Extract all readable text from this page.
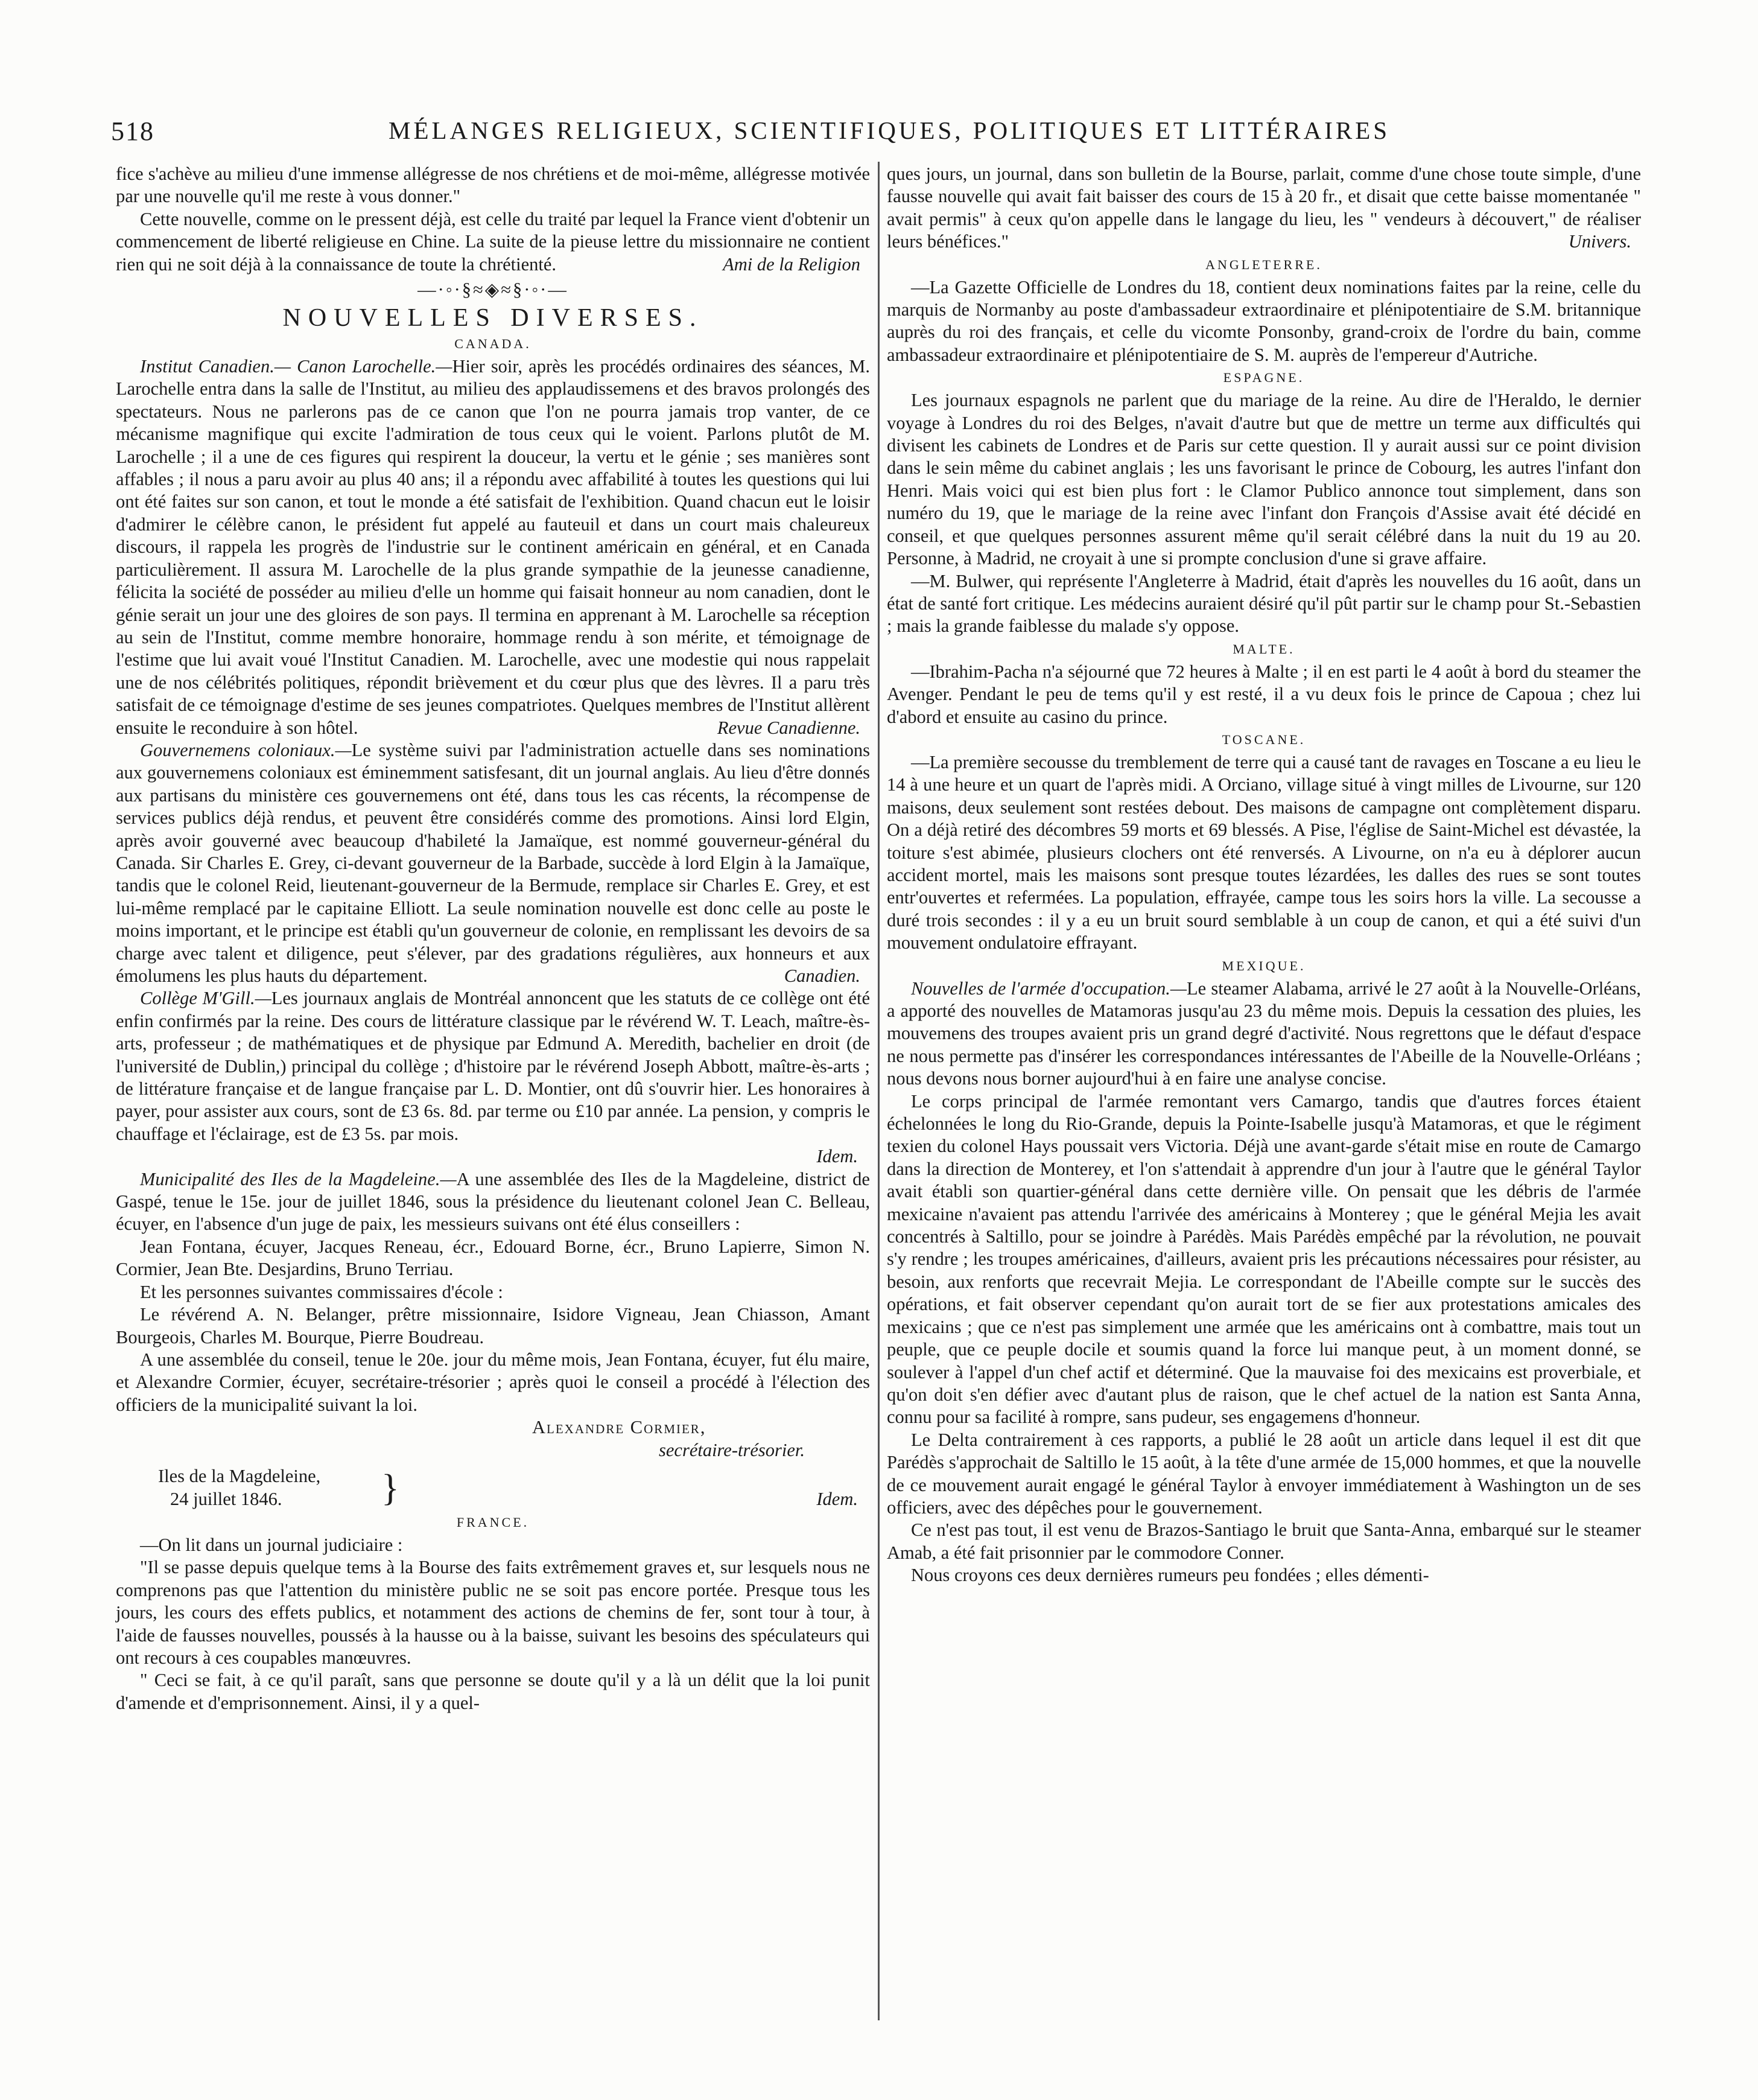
518	MÉLANGES RELIGIEUX, SCIENTIFIQUES, POLITIQUES ET LITTÉRAIRES

fice s'achève au milieu d'une immense allégresse de nos chrétiens et de moi-même, allégresse motivée par une nouvelle qu'il me reste à vous donner."

Cette nouvelle, comme on le pressent déjà, est celle du traité par lequel la France vient d'obtenir un commencement de liberté religieuse en Chine. La suite de la pieuse lettre du missionnaire ne contient rien qui ne soit déjà à la connaissance de toute la chrétienté.	Ami de la Religion

—·◦·§≈◈≈§·◦·—
NOUVELLES DIVERSES.
CANADA.

Institut Canadien.— Canon Larochelle.—Hier soir, après les procédés ordinaires des séances, M. Larochelle entra dans la salle de l'Institut, au milieu des applaudissemens et des bravos prolongés des spectateurs. Nous ne parlerons pas de ce canon que l'on ne pourra jamais trop vanter, de ce mécanisme magnifique qui excite l'admiration de tous ceux qui le voient. Parlons plutôt de M. Larochelle ; il a une de ces figures qui respirent la douceur, la vertu et le génie ; ses manières sont affables ; il nous a paru avoir au plus 40 ans; il a répondu avec affabilité à toutes les questions qui lui ont été faites sur son canon, et tout le monde a été satisfait de l'exhibition. Quand chacun eut le loisir d'admirer le célèbre canon, le président fut appelé au fauteuil et dans un court mais chaleureux discours, il rappela les progrès de l'industrie sur le continent américain en général, et en Canada particulièrement. Il assura M. Larochelle de la plus grande sympathie de la jeunesse canadienne, félicita la société de posséder au milieu d'elle un homme qui faisait honneur au nom canadien, dont le génie serait un jour une des gloires de son pays. Il termina en apprenant à M. Larochelle sa réception au sein de l'Institut, comme membre honoraire, hommage rendu à son mérite, et témoignage de l'estime que lui avait voué l'Institut Canadien. M. Larochelle, avec une modestie qui nous rappelait une de nos célébrités politiques, répondit brièvement et du cœur plus que des lèvres. Il a paru très satisfait de ce témoignage d'estime de ses jeunes compatriotes. Quelques membres de l'Institut allèrent ensuite le reconduire à son hôtel.	Revue Canadienne.

Gouvernemens coloniaux.—Le système suivi par l'administration actuelle dans ses nominations aux gouvernemens coloniaux est éminemment satisfesant, dit un journal anglais. Au lieu d'être donnés aux partisans du ministère ces gouvernemens ont été, dans tous les cas récents, la récompense de services publics déjà rendus, et peuvent être considérés comme des promotions. Ainsi lord Elgin, après avoir gouverné avec beaucoup d'habileté la Jamaïque, est nommé gouverneur-général du Canada. Sir Charles E. Grey, ci-devant gouverneur de la Barbade, succède à lord Elgin à la Jamaïque, tandis que le colonel Reid, lieutenant-gouverneur de la Bermude, remplace sir Charles E. Grey, et est lui-même remplacé par le capitaine Elliott. La seule nomination nouvelle est donc celle au poste le moins important, et le principe est établi qu'un gouverneur de colonie, en remplissant les devoirs de sa charge avec talent et diligence, peut s'élever, par des gradations régulières, aux honneurs et aux émolumens les plus hauts du département.	Canadien.

Collège M'Gill.—Les journaux anglais de Montréal annoncent que les statuts de ce collège ont été enfin confirmés par la reine. Des cours de littérature classique par le révérend W. T. Leach, maître-ès-arts, professeur ; de mathématiques et de physique par Edmund A. Meredith, bachelier en droit (de l'université de Dublin,) principal du collège ; d'histoire par le révérend Joseph Abbott, maître-ès-arts ; de littérature française et de langue française par L. D. Montier, ont dû s'ouvrir hier. Les honoraires à payer, pour assister aux cours, sont de £3 6s. 8d. par terme ou £10 par année. La pension, y compris le chauffage et l'éclairage, est de £3 5s. par mois.

Idem.

Municipalité des Iles de la Magdeleine.—A une assemblée des Iles de la Magdeleine, district de Gaspé, tenue le 15e. jour de juillet 1846, sous la présidence du lieutenant colonel Jean C. Belleau, écuyer, en l'absence d'un juge de paix, les messieurs suivans ont été élus conseillers :

Jean Fontana, écuyer, Jacques Reneau, écr., Edouard Borne, écr., Bruno Lapierre, Simon N. Cormier, Jean Bte. Desjardins, Bruno Terriau.

Et les personnes suivantes commissaires d'école :

Le révérend A. N. Belanger, prêtre missionnaire, Isidore Vigneau, Jean Chiasson, Amant Bourgeois, Charles M. Bourque, Pierre Boudreau.

A une assemblée du conseil, tenue le 20e. jour du même mois, Jean Fontana, écuyer, fut élu maire, et Alexandre Cormier, écuyer, secrétaire-trésorier ; après quoi le conseil a procédé à l'élection des officiers de la municipalité suivant la loi.

Alexandre Cormier,

secrétaire-trésorier.

Iles de la Magdeleine,
24 juillet 1846.	}	Idem.
FRANCE.

—On lit dans un journal judiciaire :

"Il se passe depuis quelque tems à la Bourse des faits extrêmement graves et, sur lesquels nous ne comprenons pas que l'attention du ministère public ne se soit pas encore portée. Presque tous les jours, les cours des effets publics, et notamment des actions de chemins de fer, sont tour à tour, à l'aide de fausses nouvelles, poussés à la hausse ou à la baisse, suivant les besoins des spéculateurs qui ont recours à ces coupables manœuvres.

" Ceci se fait, à ce qu'il paraît, sans que personne se doute qu'il y a là un délit que la loi punit d'amende et d'emprisonnement. Ainsi, il y a quel-

ques jours, un journal, dans son bulletin de la Bourse, parlait, comme d'une chose toute simple, d'une fausse nouvelle qui avait fait baisser des cours de 15 à 20 fr., et disait que cette baisse momentanée " avait permis" à ceux qu'on appelle dans le langage du lieu, les " vendeurs à découvert," de réaliser leurs bénéfices."	Univers.

ANGLETERRE.

—La Gazette Officielle de Londres du 18, contient deux nominations faites par la reine, celle du marquis de Normanby au poste d'ambassadeur extraordinaire et plénipotentiaire de S.M. britannique auprès du roi des français, et celle du vicomte Ponsonby, grand-croix de l'ordre du bain, comme ambassadeur extraordinaire et plénipotentiaire de S. M. auprès de l'empereur d'Autriche.

ESPAGNE.

Les journaux espagnols ne parlent que du mariage de la reine. Au dire de l'Heraldo, le dernier voyage à Londres du roi des Belges, n'avait d'autre but que de mettre un terme aux difficultés qui divisent les cabinets de Londres et de Paris sur cette question. Il y aurait aussi sur ce point division dans le sein même du cabinet anglais ; les uns favorisant le prince de Cobourg, les autres l'infant don Henri. Mais voici qui est bien plus fort : le Clamor Publico annonce tout simplement, dans son numéro du 19, que le mariage de la reine avec l'infant don François d'Assise avait été décidé en conseil, et que quelques personnes assurent même qu'il serait célébré dans la nuit du 19 au 20. Personne, à Madrid, ne croyait à une si prompte conclusion d'une si grave affaire.

—M. Bulwer, qui représente l'Angleterre à Madrid, était d'après les nouvelles du 16 août, dans un état de santé fort critique. Les médecins auraient désiré qu'il pût partir sur le champ pour St.-Sebastien ; mais la grande faiblesse du malade s'y oppose.

MALTE.

—Ibrahim-Pacha n'a séjourné que 72 heures à Malte ; il en est parti le 4 août à bord du steamer the Avenger. Pendant le peu de tems qu'il y est resté, il a vu deux fois le prince de Capoua ; chez lui d'abord et ensuite au casino du prince.

TOSCANE.

—La première secousse du tremblement de terre qui a causé tant de ravages en Toscane a eu lieu le 14 à une heure et un quart de l'après midi. A Orciano, village situé à vingt milles de Livourne, sur 120 maisons, deux seulement sont restées debout. Des maisons de campagne ont complètement disparu. On a déjà retiré des décombres 59 morts et 69 blessés. A Pise, l'église de Saint-Michel est dévastée, la toiture s'est abimée, plusieurs clochers ont été renversés. A Livourne, on n'a eu à déplorer aucun accident mortel, mais les maisons sont presque toutes lézardées, les dalles des rues se sont toutes entr'ouvertes et refermées. La population, effrayée, campe tous les soirs hors la ville. La secousse a duré trois secondes : il y a eu un bruit sourd semblable à un coup de canon, et qui a été suivi d'un mouvement ondulatoire effrayant.

MEXIQUE.

Nouvelles de l'armée d'occupation.—Le steamer Alabama, arrivé le 27 août à la Nouvelle-Orléans, a apporté des nouvelles de Matamoras jusqu'au 23 du même mois. Depuis la cessation des pluies, les mouvemens des troupes avaient pris un grand degré d'activité. Nous regrettons que le défaut d'espace ne nous permette pas d'insérer les correspondances intéressantes de l'Abeille de la Nouvelle-Orléans ; nous devons nous borner aujourd'hui à en faire une analyse concise.

Le corps principal de l'armée remontant vers Camargo, tandis que d'autres forces étaient échelonnées le long du Rio-Grande, depuis la Pointe-Isabelle jusqu'à Matamoras, et que le régiment texien du colonel Hays poussait vers Victoria. Déjà une avant-garde s'était mise en route de Camargo dans la direction de Monterey, et l'on s'attendait à apprendre d'un jour à l'autre que le général Taylor avait établi son quartier-général dans cette dernière ville. On pensait que les débris de l'armée mexicaine n'avaient pas attendu l'arrivée des américains à Monterey ; que le général Mejia les avait concentrés à Saltillo, pour se joindre à Parédès. Mais Parédès empêché par la révolution, ne pouvait s'y rendre ; les troupes américaines, d'ailleurs, avaient pris les précautions nécessaires pour résister, au besoin, aux renforts que recevrait Mejia. Le correspondant de l'Abeille compte sur le succès des opérations, et fait observer cependant qu'on aurait tort de se fier aux protestations amicales des mexicains ; que ce n'est pas simplement une armée que les américains ont à combattre, mais tout un peuple, que ce peuple docile et soumis quand la force lui manque peut, à un moment donné, se soulever à l'appel d'un chef actif et déterminé. Que la mauvaise foi des mexicains est proverbiale, et qu'on doit s'en défier avec d'autant plus de raison, que le chef actuel de la nation est Santa Anna, connu pour sa facilité à rompre, sans pudeur, ses engagemens d'honneur.

Le Delta contrairement à ces rapports, a publié le 28 août un article dans lequel il est dit que Parédès s'approchait de Saltillo le 15 août, à la tête d'une armée de 15,000 hommes, et que la nouvelle de ce mouvement aurait engagé le général Taylor à envoyer immédiatement à Washington un de ses officiers, avec des dépêches pour le gouvernement.

Ce n'est pas tout, il est venu de Brazos-Santiago le bruit que Santa-Anna, embarqué sur le steamer Amab, a été fait prisonnier par le commodore Conner.

Nous croyons ces deux dernières rumeurs peu fondées ; elles démenti-
